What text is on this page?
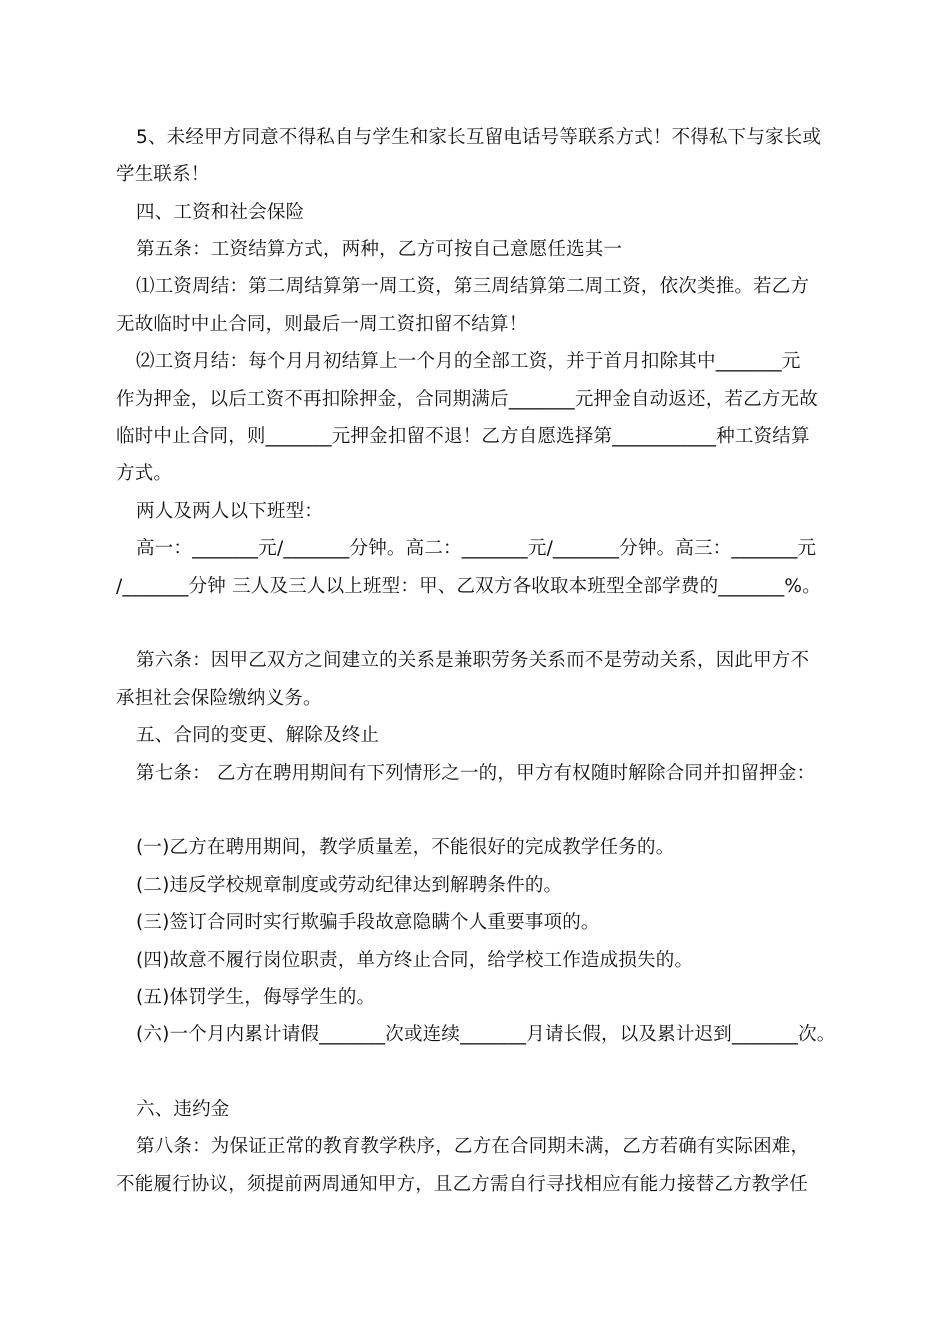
5、未经甲方同意不得私自与学生和家长互留电话号等联系方式！不得私下与家长或
学生联系！
四、工资和社会保险
第五条：工资结算方式，两种，乙方可按自己意愿任选其一
⑴工资周结：第二周结算第一周工资，第三周结算第二周工资，依次类推。若乙方
无故临时中止合同，则最后一周工资扣留不结算！
⑵工资月结：每个月月初结算上一个月的全部工资，并于首月扣除其中_______元
作为押金，以后工资不再扣除押金，合同期满后_______元押金自动返还，若乙方无故
临时中止合同，则_______元押金扣留不退！乙方自愿选择第___________种工资结算
方式。
两人及两人以下班型：
高一：_______元/_______分钟。高二：_______元/_______分钟。高三：_______元
/_______分钟 三人及三人以上班型：甲、乙双方各收取本班型全部学费的_______%。
第六条：因甲乙双方之间建立的关系是兼职劳务关系而不是劳动关系，因此甲方不
承担社会保险缴纳义务。
五、合同的变更、解除及终止
第七条： 乙方在聘用期间有下列情形之一的，甲方有权随时解除合同并扣留押金：
(一)乙方在聘用期间，教学质量差，不能很好的完成教学任务的。
(二)违反学校规章制度或劳动纪律达到解聘条件的。
(三)签订合同时实行欺骗手段故意隐瞒个人重要事项的。
(四)故意不履行岗位职责，单方终止合同，给学校工作造成损失的。
(五)体罚学生，侮辱学生的。
(六)一个月内累计请假_______次或连续_______月请长假，以及累计迟到_______次。
六、违约金
第八条：为保证正常的教育教学秩序，乙方在合同期未满，乙方若确有实际困难，
不能履行协议，须提前两周通知甲方，且乙方需自行寻找相应有能力接替乙方教学任
